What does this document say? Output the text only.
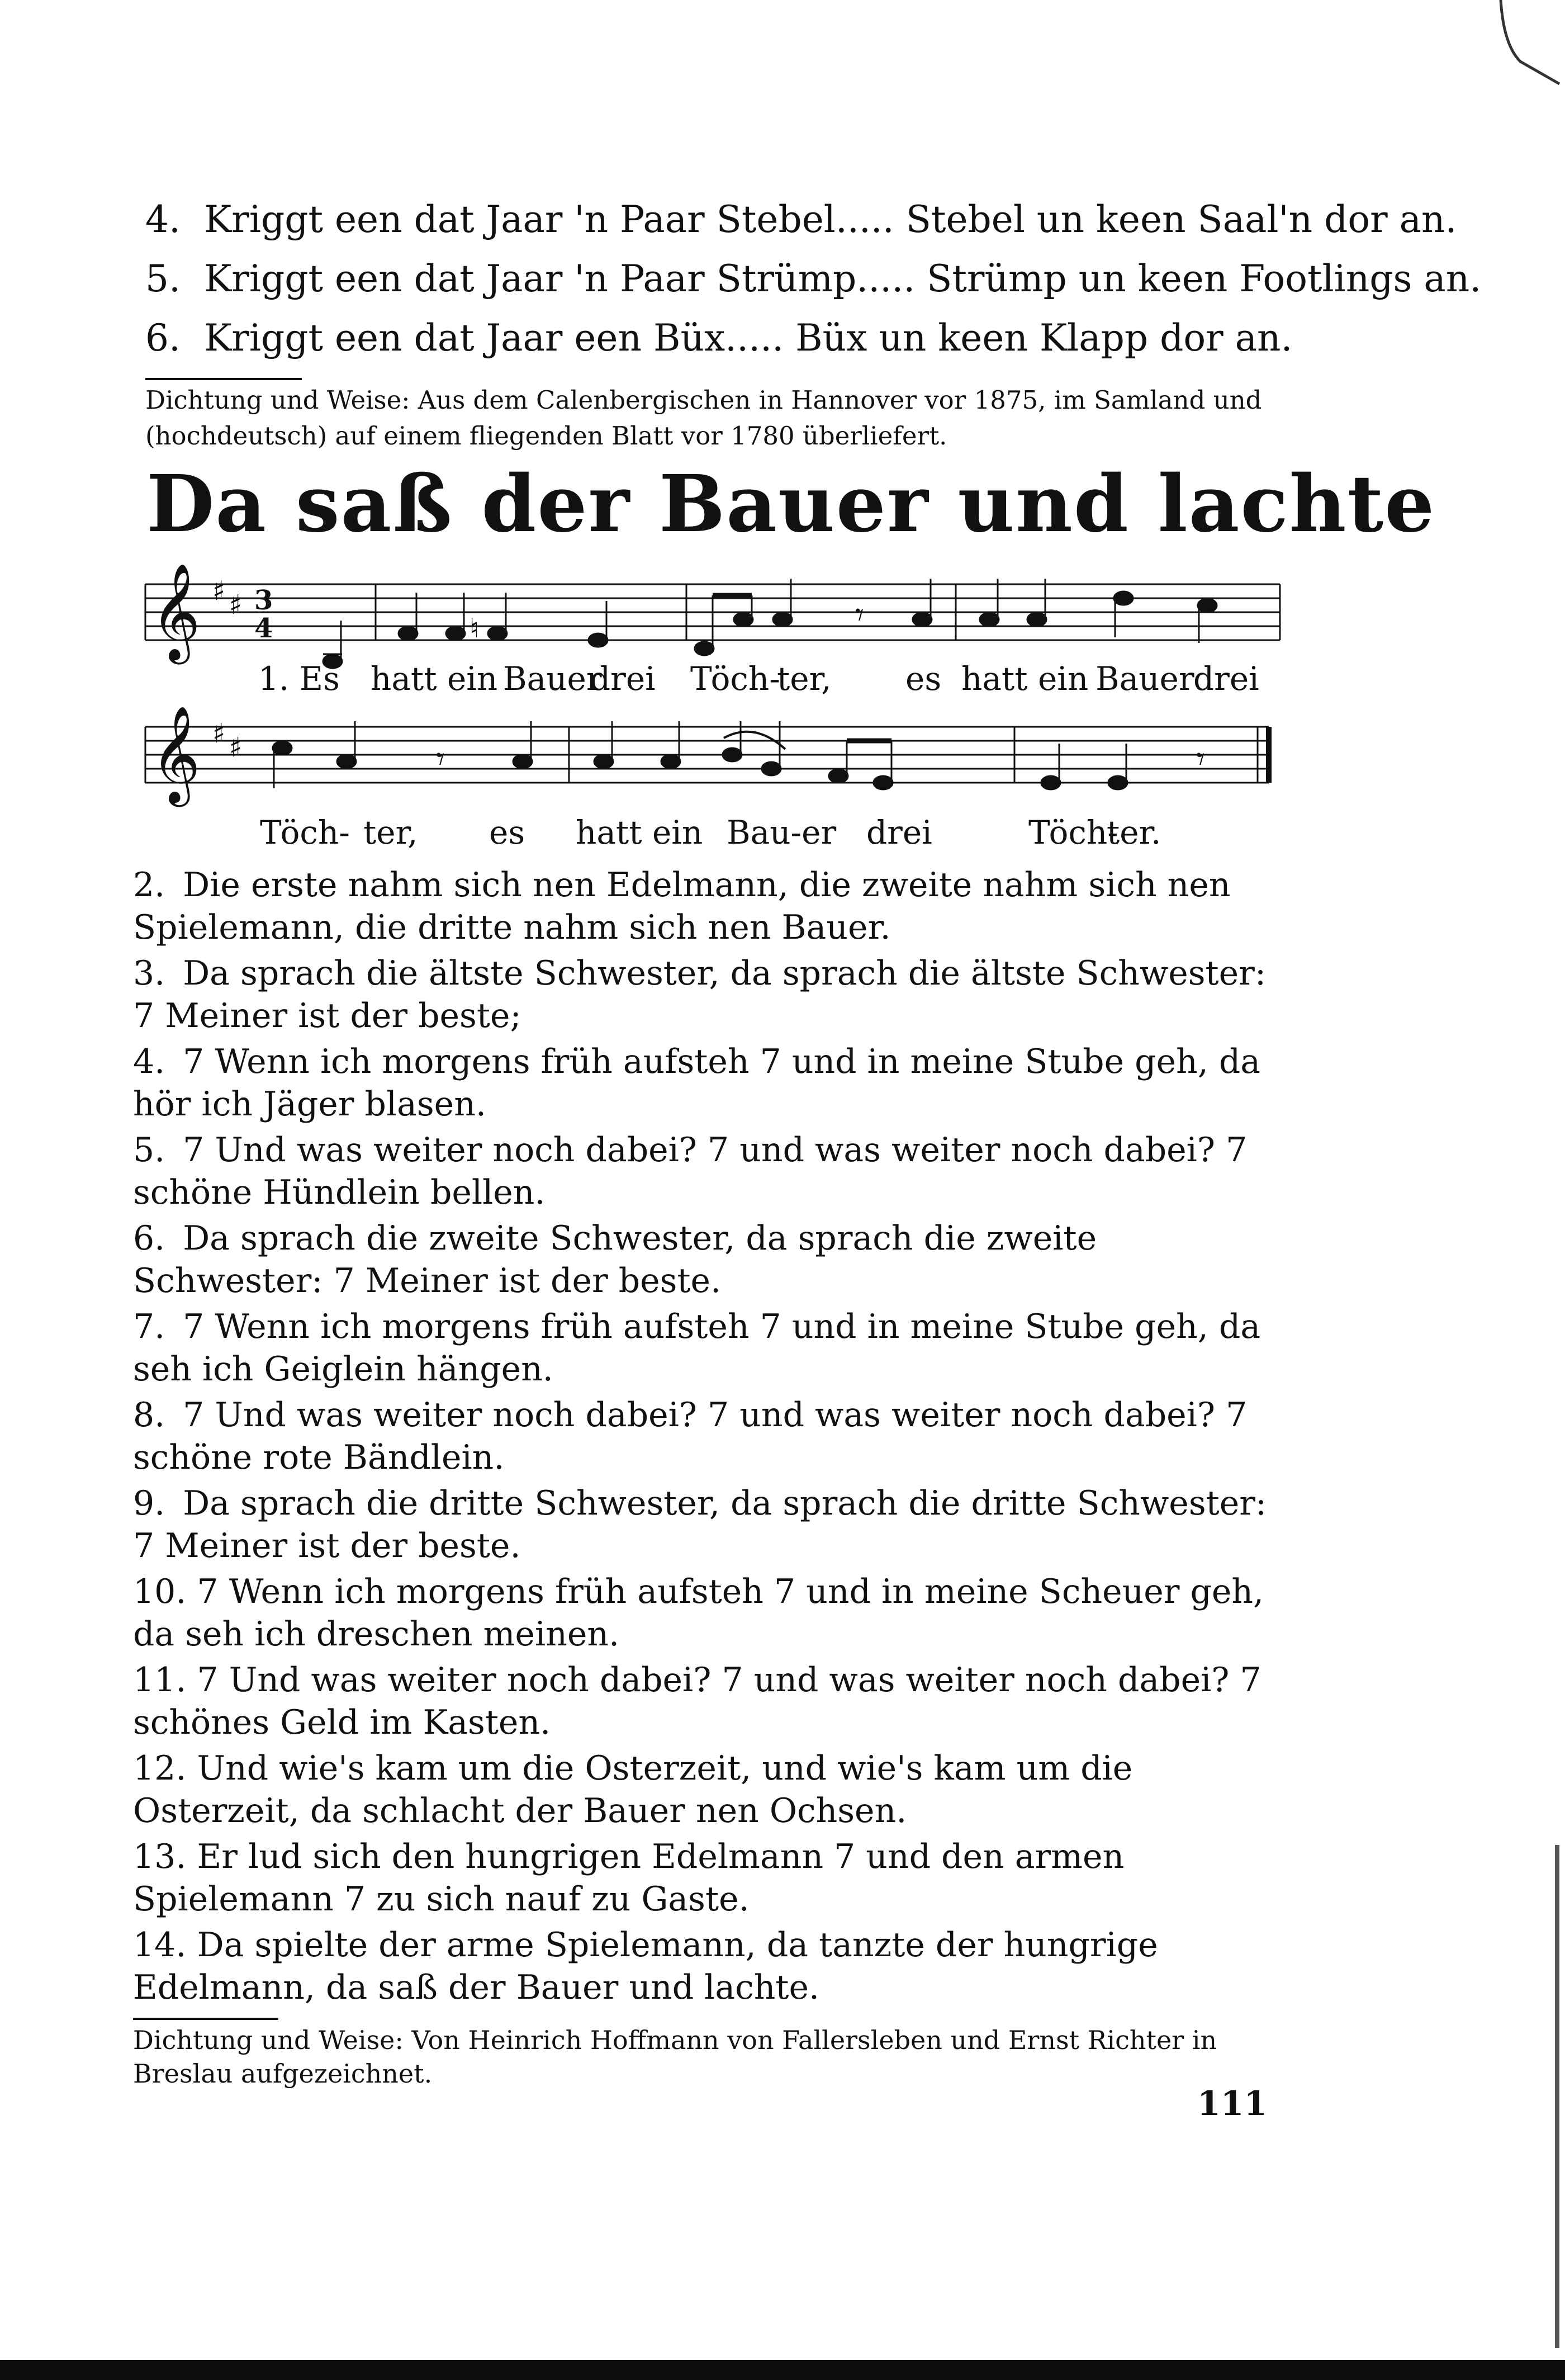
4. Kriggt een dat Jaar 'n Paar Stebel..... Stebel un keen Saal'n dor an.
5. Kriggt een dat Jaar 'n Paar Strümp..... Strümp un keen Footlings an.
6. Kriggt een dat Jaar een Büx..... Büx un keen Klapp dor an.
Dichtung und Weise: Aus dem Calenbergischen in Hannover vor 1875, im Samland und (hochdeutsch) auf einem fliegenden Blatt vor 1780 überliefert.
Da saß der Bauer und lachte
𝄞 ♯ ♯ 3
4	𝄾
♮
𝄞 ♯ ♯	𝄾	𝄾
1. Es hatt ein Bauer
drei Töch-
ter, es hatt ein Bauer
drei
Töch- ter, es hatt ein Bau-er drei	Töch-
ter.
2. Die erste nahm sich nen Edelmann, die zweite nahm sich nen Spielemann, die dritte nahm sich nen Bauer.
3. Da sprach die ältste Schwester, da sprach die ältste Schwester: 7 Meiner ist der beste;
4. 7 Wenn ich morgens früh aufsteh 7 und in meine Stube geh, da hör ich Jäger blasen.
5. 7 Und was weiter noch dabei? 7 und was weiter noch dabei? 7 schöne Hündlein bellen.
6. Da sprach die zweite Schwester, da sprach die zweite Schwester: 7 Meiner ist der beste.
7. 7 Wenn ich morgens früh aufsteh 7 und in meine Stube geh, da seh ich Geiglein hängen.
8. 7 Und was weiter noch dabei? 7 und was weiter noch dabei? 7 schöne rote Bändlein.
9. Da sprach die dritte Schwester, da sprach die dritte Schwester: 7 Meiner ist der beste.
10. 7 Wenn ich morgens früh aufsteh 7 und in meine Scheuer geh, da seh ich dreschen meinen.
11. 7 Und was weiter noch dabei? 7 und was weiter noch dabei? 7 schönes Geld im Kasten.
12. Und wie's kam um die Osterzeit, und wie's kam um die Osterzeit, da schlacht der Bauer nen Ochsen.
13. Er lud sich den hungrigen Edelmann 7 und den armen Spielemann 7 zu sich nauf zu Gaste.
14. Da spielte der arme Spielemann, da tanzte der hungrige Edelmann, da saß der Bauer und lachte.
Dichtung und Weise: Von Heinrich Hoffmann von Fallersleben und Ernst Richter in Breslau aufgezeichnet.
111
